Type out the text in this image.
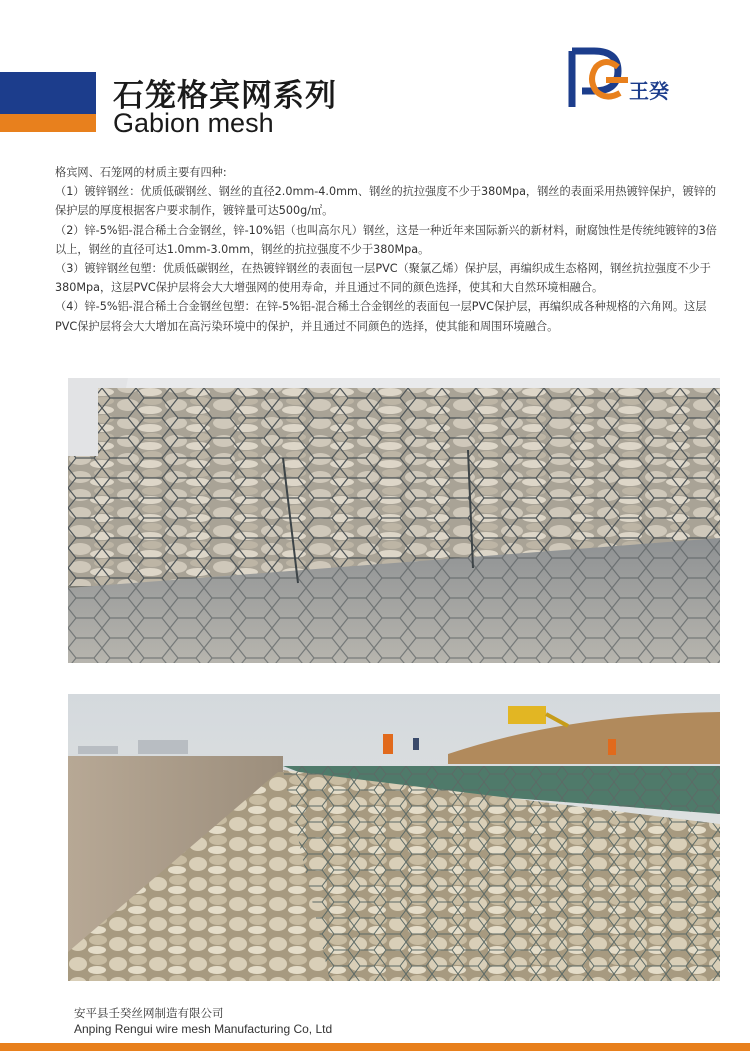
石笼格宾网系列
Gabion mesh
王癸

格宾网、石笼网的材质主要有四种:

（1）镀锌钢丝：优质低碳钢丝、钢丝的直径2.0mm-4.0mm、钢丝的抗拉强度不少于380Mpa，钢丝的表面采用热镀锌保护，镀锌的保护层的厚度根据客户要求制作，镀锌量可达500g/㎡。

（2）锌-5%铝-混合稀土合金钢丝，锌-10%铝（也叫高尔凡）钢丝，这是一种近年来国际新兴的新材料，耐腐蚀性是传统纯镀锌的3倍以上，钢丝的直径可达1.0mm-3.0mm，钢丝的抗拉强度不少于380Mpa。

（3）镀锌钢丝包塑：优质低碳钢丝，在热镀锌钢丝的表面包一层PVC（聚氯乙烯）保护层，再编织成生态格网，钢丝抗拉强度不少于380Mpa，这层PVC保护层将会大大增强网的使用寿命，并且通过不同的颜色选择，使其和大自然环境相融合。

（4）锌-5%铝-混合稀土合金钢丝包塑：在锌-5%铝-混合稀土合金钢丝的表面包一层PVC保护层，再编织成各种规格的六角网。这层PVC保护层将会大大增加在高污染环境中的保护，并且通过不同颜色的选择，使其能和周围环境融合。

安平县壬癸丝网制造有限公司
Anping Rengui wire mesh Manufacturing Co, Ltd
